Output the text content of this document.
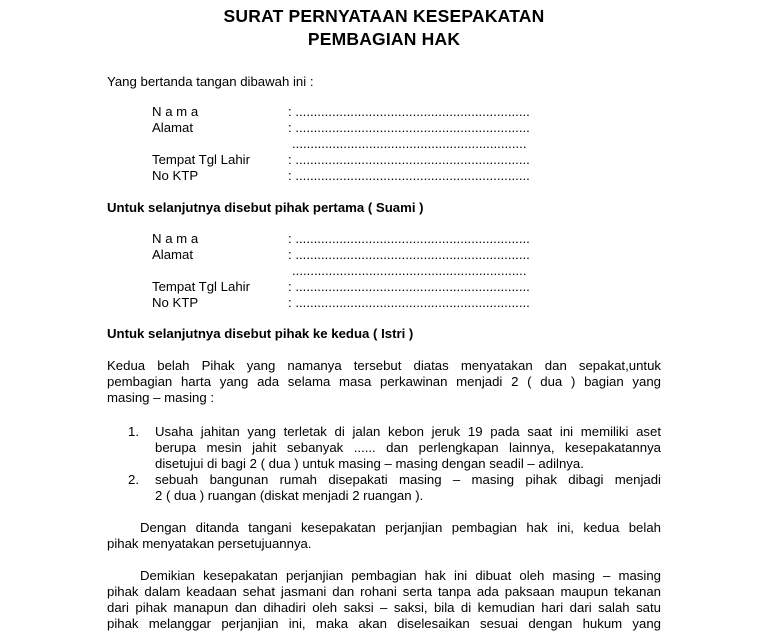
SURAT PERNYATAAN KESEPAKATAN
PEMBAGIAN HAK
Yang bertanda tangan dibawah ini :
N a m a	: ................................................................
Alamat	: ................................................................
................................................................
Tempat Tgl Lahir	: ................................................................
No KTP	: ................................................................
Untuk selanjutnya disebut pihak pertama ( Suami )
N a m a	: ................................................................
Alamat	: ................................................................
................................................................
Tempat Tgl Lahir	: ................................................................
No KTP	: ................................................................
Untuk selanjutnya disebut pihak ke kedua ( Istri )
Kedua belah Pihak yang namanya tersebut diatas menyatakan dan sepakat,untuk
pembagian harta yang ada selama masa perkawinan menjadi 2 ( dua ) bagian yang
masing – masing :
1. Usaha jahitan yang terletak di jalan kebon jeruk 19 pada saat ini memiliki aset
berupa mesin jahit sebanyak ...... dan perlengkapan lainnya, kesepakatannya
disetujui di bagi 2 ( dua ) untuk masing – masing dengan seadil – adilnya.
2. sebuah bangunan rumah disepakati masing – masing pihak dibagi menjadi
2 ( dua ) ruangan (diskat menjadi 2 ruangan ).
Dengan ditanda tangani kesepakatan perjanjian pembagian hak ini, kedua belah
pihak menyatakan persetujuannya.
Demikian kesepakatan perjanjian pembagian hak ini dibuat oleh masing – masing
pihak dalam keadaan sehat jasmani dan rohani serta tanpa ada paksaan maupun tekanan
dari pihak manapun dan dihadiri oleh saksi – saksi, bila di kemudian hari dari salah satu
pihak melanggar perjanjian ini, maka akan diselesaikan sesuai dengan hukum yang
